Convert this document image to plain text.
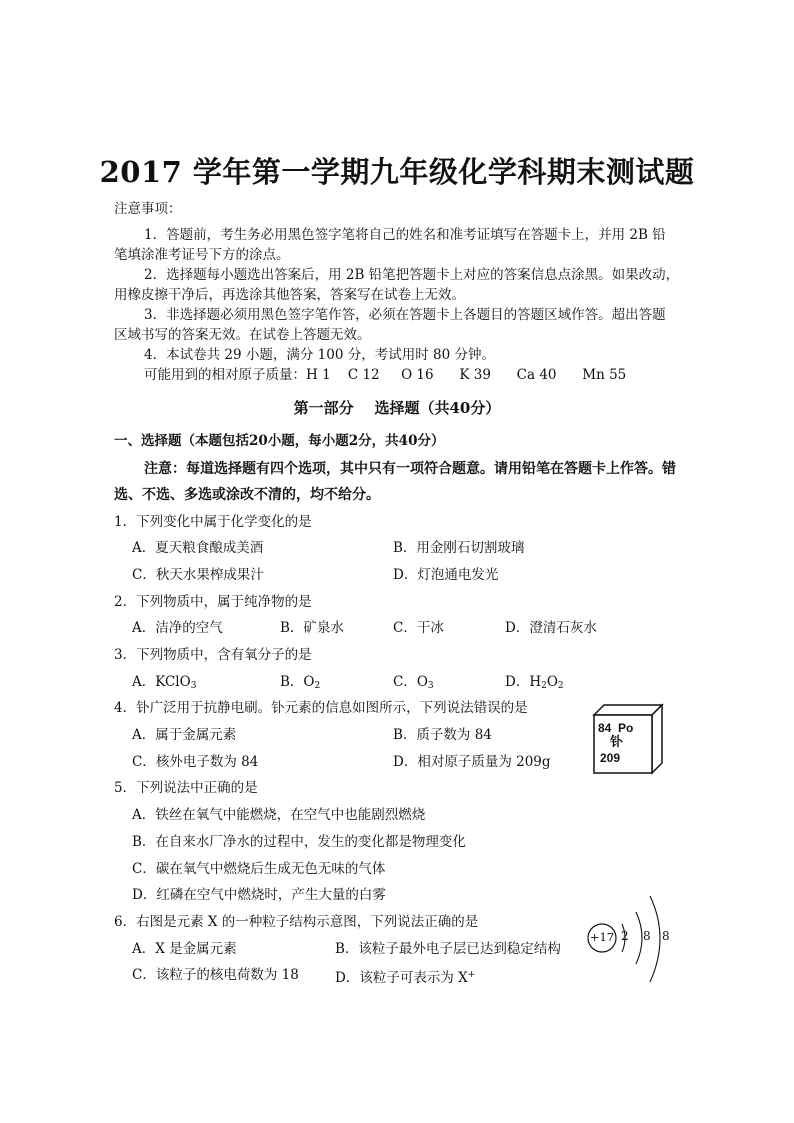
2017 学年第一学期九年级化学科期末测试题
注意事项：
1．答题前，考生务必用黑色签字笔将自己的姓名和准考证填写在答题卡上，并用 2B 铅
笔填涂准考证号下方的涂点。
2．选择题每小题选出答案后，用 2B 铅笔把答题卡上对应的答案信息点涂黑。如果改动，
用橡皮擦干净后，再选涂其他答案，答案写在试卷上无效。
3．非选择题必须用黑色签字笔作答，必须在答题卡上各题目的答题区域作答。超出答题
区域书写的答案无效。在试卷上答题无效。
4．本试卷共 29 小题，满分 100 分，考试用时 80 分钟。
可能用到的相对原子质量：H 1    C 12     O 16      K 39      Ca 40      Mn 55
第一部分    选择题（共40分）
一、选择题（本题包括20小题，每小题2分，共40分）
注意：每道选择题有四个选项，其中只有一项符合题意。请用铅笔在答题卡上作答。错
选、不选、多选或涂改不清的，均不给分。
1．下列变化中属于化学变化的是
A．夏天粮食酿成美酒	B．用金刚石切割玻璃
C．秋天水果榨成果汁	D．灯泡通电发光
2．下列物质中，属于纯净物的是
A．洁净的空气	B．矿泉水	C．干冰	D．澄清石灰水
3．下列物质中，含有氧分子的是
A．KClO$_3$	B．$O_2$	C．$O_3$	D．$H_2O_2$
4．钋广泛用于抗静电刷。钋元素的信息如图所示，下列说法错误的是
A．属于金属元素	B．质子数为 84
C．核外电子数为 84	D．相对原子质量为 209g
84  Po
钋
209
5．下列说法中正确的是
A．铁丝在氧气中能燃烧，在空气中也能剧烈燃烧
B．在自来水厂净水的过程中，发生的变化都是物理变化
C．碳在氧气中燃烧后生成无色无味的气体
D．红磷在空气中燃烧时，产生大量的白雾
6．右图是元素 X 的一种粒子结构示意图，下列说法正确的是
A．X 是金属元素	B．该粒子最外电子层已达到稳定结构
C．该粒子的核电荷数为 18	D．该粒子可表示为 X+
+17 2 8 8
